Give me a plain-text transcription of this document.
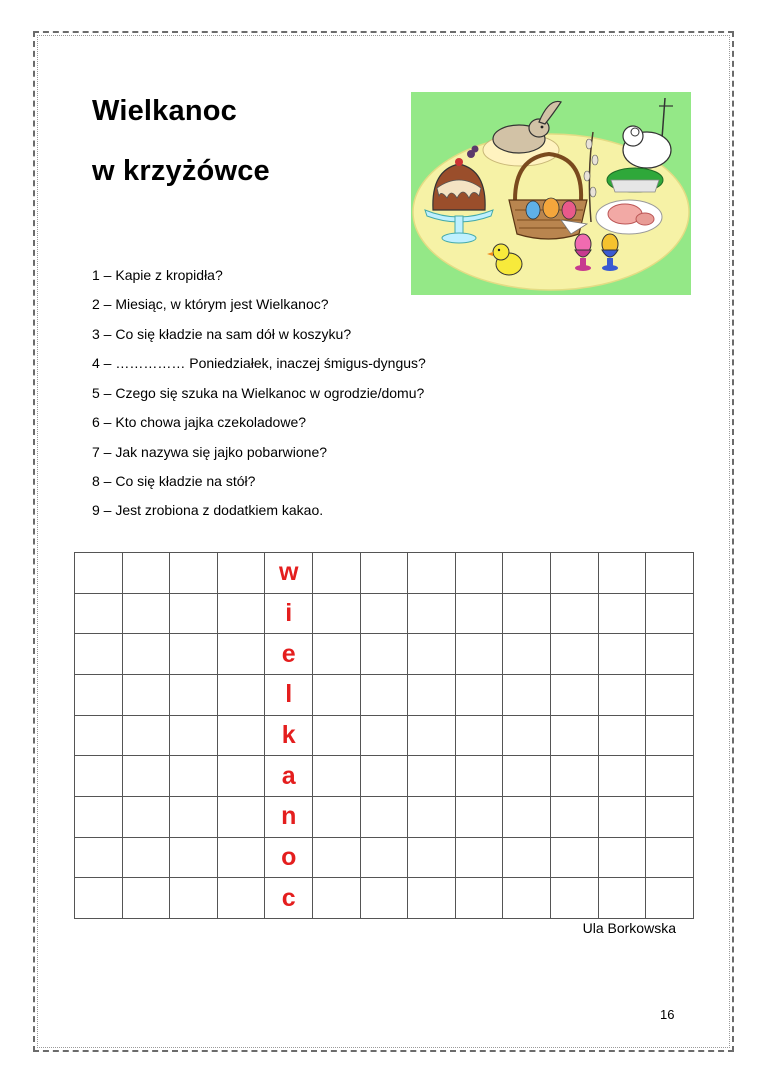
Wielkanoc
w krzyżówce

1 – Kapie z kropidła?

2 – Miesiąc, w którym jest Wielkanoc?

3 – Co się kładzie na sam dół w koszyku?

4 – …………… Poniedziałek, inaczej śmigus-dyngus?

5 – Czego się szuka na Wielkanoc w ogrodzie/domu?

6 – Kto chowa jajka czekoladowe?

7 – Jak nazywa się jajko pobarwione?

8 – Co się kładzie na stół?

9 – Jest zrobiona z dodatkiem kakao.

				w								
				i								
				e								
				l								
				k								
				a								
				n								
				o								
				c								

Ula Borkowska

16
